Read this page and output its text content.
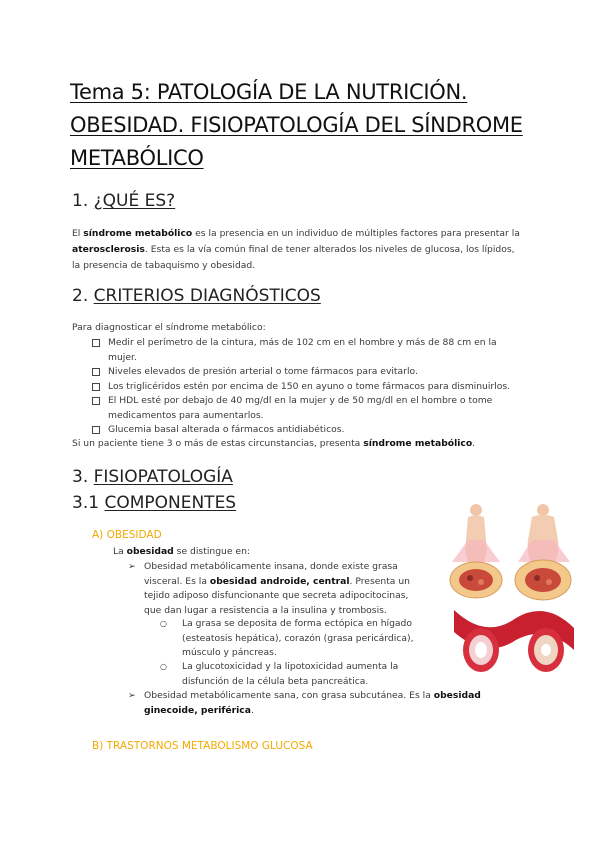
Tema 5: PATOLOGÍA DE LA NUTRICIÓN. OBESIDAD. FISIOPATOLOGÍA DEL SÍNDROME METABÓLICO
1. ¿QUÉ ES?
El síndrome metabólico es la presencia en un individuo de múltiples factores para presentar la aterosclerosis. Esta es la vía común final de tener alterados los niveles de glucosa, los lípidos, la presencia de tabaquismo y obesidad.
2. CRITERIOS DIAGNÓSTICOS
Para diagnosticar el síndrome metabólico:
Medir el perímetro de la cintura, más de 102 cm en el hombre y más de 88 cm en la mujer.
Niveles elevados de presión arterial o tome fármacos para evitarlo.
Los triglicéridos estén por encima de 150 en ayuno o tome fármacos para disminuirlos.
El HDL esté por debajo de 40 mg/dl en la mujer y de 50 mg/dl en el hombre o tome medicamentos para aumentarlos.
Glucemia basal alterada o fármacos antidiabéticos.
Si un paciente tiene 3 o más de estas circunstancias, presenta síndrome metabólico.
3. FISIOPATOLOGÍA
3.1 COMPONENTES
A) OBESIDAD
La obesidad se distingue en:
➢ Obesidad metabólicamente insana, donde existe grasa visceral. Es la obesidad androide, central. Presenta un tejido adiposo disfuncionante que secreta adipocitocinas, que dan lugar a resistencia a la insulina y trombosis.
○ La grasa se deposita de forma ectópica en hígado (esteatosis hepática), corazón (grasa pericárdica), músculo y páncreas.
○ La glucotoxicidad y la lipotoxicidad aumenta la disfunción de la célula beta pancreática.
➢ Obesidad metabólicamente sana, con grasa subcutánea. Es la obesidad ginecoide, periférica.
B) TRASTORNOS METABOLISMO GLUCOSA
